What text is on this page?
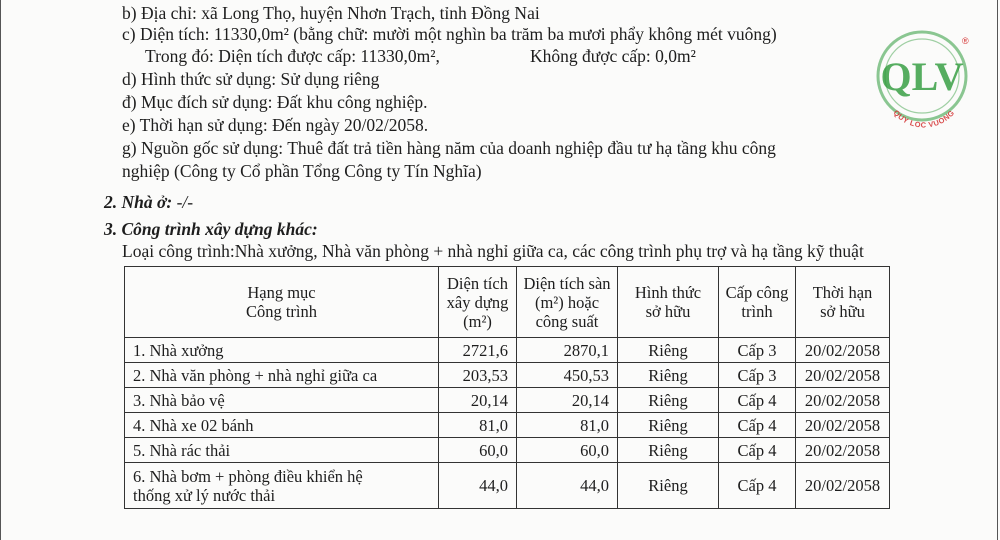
b) Địa chỉ: xã Long Thọ, huyện Nhơn Trạch, tỉnh Đồng Nai
c) Diện tích: 11330,0m² (bằng chữ: mười một nghìn ba trăm ba mươi phẩy không mét vuông)
Trong đó: Diện tích được cấp: 11330,0m²,	Không được cấp: 0,0m²
d) Hình thức sử dụng: Sử dụng riêng
đ) Mục đích sử dụng: Đất khu công nghiệp.
e) Thời hạn sử dụng: Đến ngày 20/02/2058.
g) Nguồn gốc sử dụng: Thuê đất trả tiền hàng năm của doanh nghiệp đầu tư hạ tầng khu công
nghiệp (Công ty Cổ phần Tổng Công ty Tín Nghĩa)
2. Nhà ở: -/-
3. Công trình xây dựng khác:
Loại công trình:Nhà xưởng, Nhà văn phòng + nhà nghỉ giữa ca, các công trình phụ trợ và hạ tầng kỹ thuật
Hạng mục Công trình	Diện tích xây dựng (m²)	Diện tích sàn (m²) hoặc công suất	Hình thức sở hữu	Cấp công trình	Thời hạn sở hữu

1. Nhà xưởng	2721,6	2870,1	Riêng	Cấp 3	20/02/2058
2. Nhà văn phòng + nhà nghỉ giữa ca	203,53	450,53	Riêng	Cấp 3	20/02/2058
3. Nhà bảo vệ	20,14	20,14	Riêng	Cấp 4	20/02/2058
4. Nhà xe 02 bánh	81,0	81,0	Riêng	Cấp 4	20/02/2058
5. Nhà rác thải	60,0	60,0	Riêng	Cấp 4	20/02/2058

6. Nhà bơm + phòng điều khiển hệ thống xử lý nước thải	44,0	44,0	Riêng	Cấp 4	20/02/2058
QLV
®
QUY LOC VUONG
